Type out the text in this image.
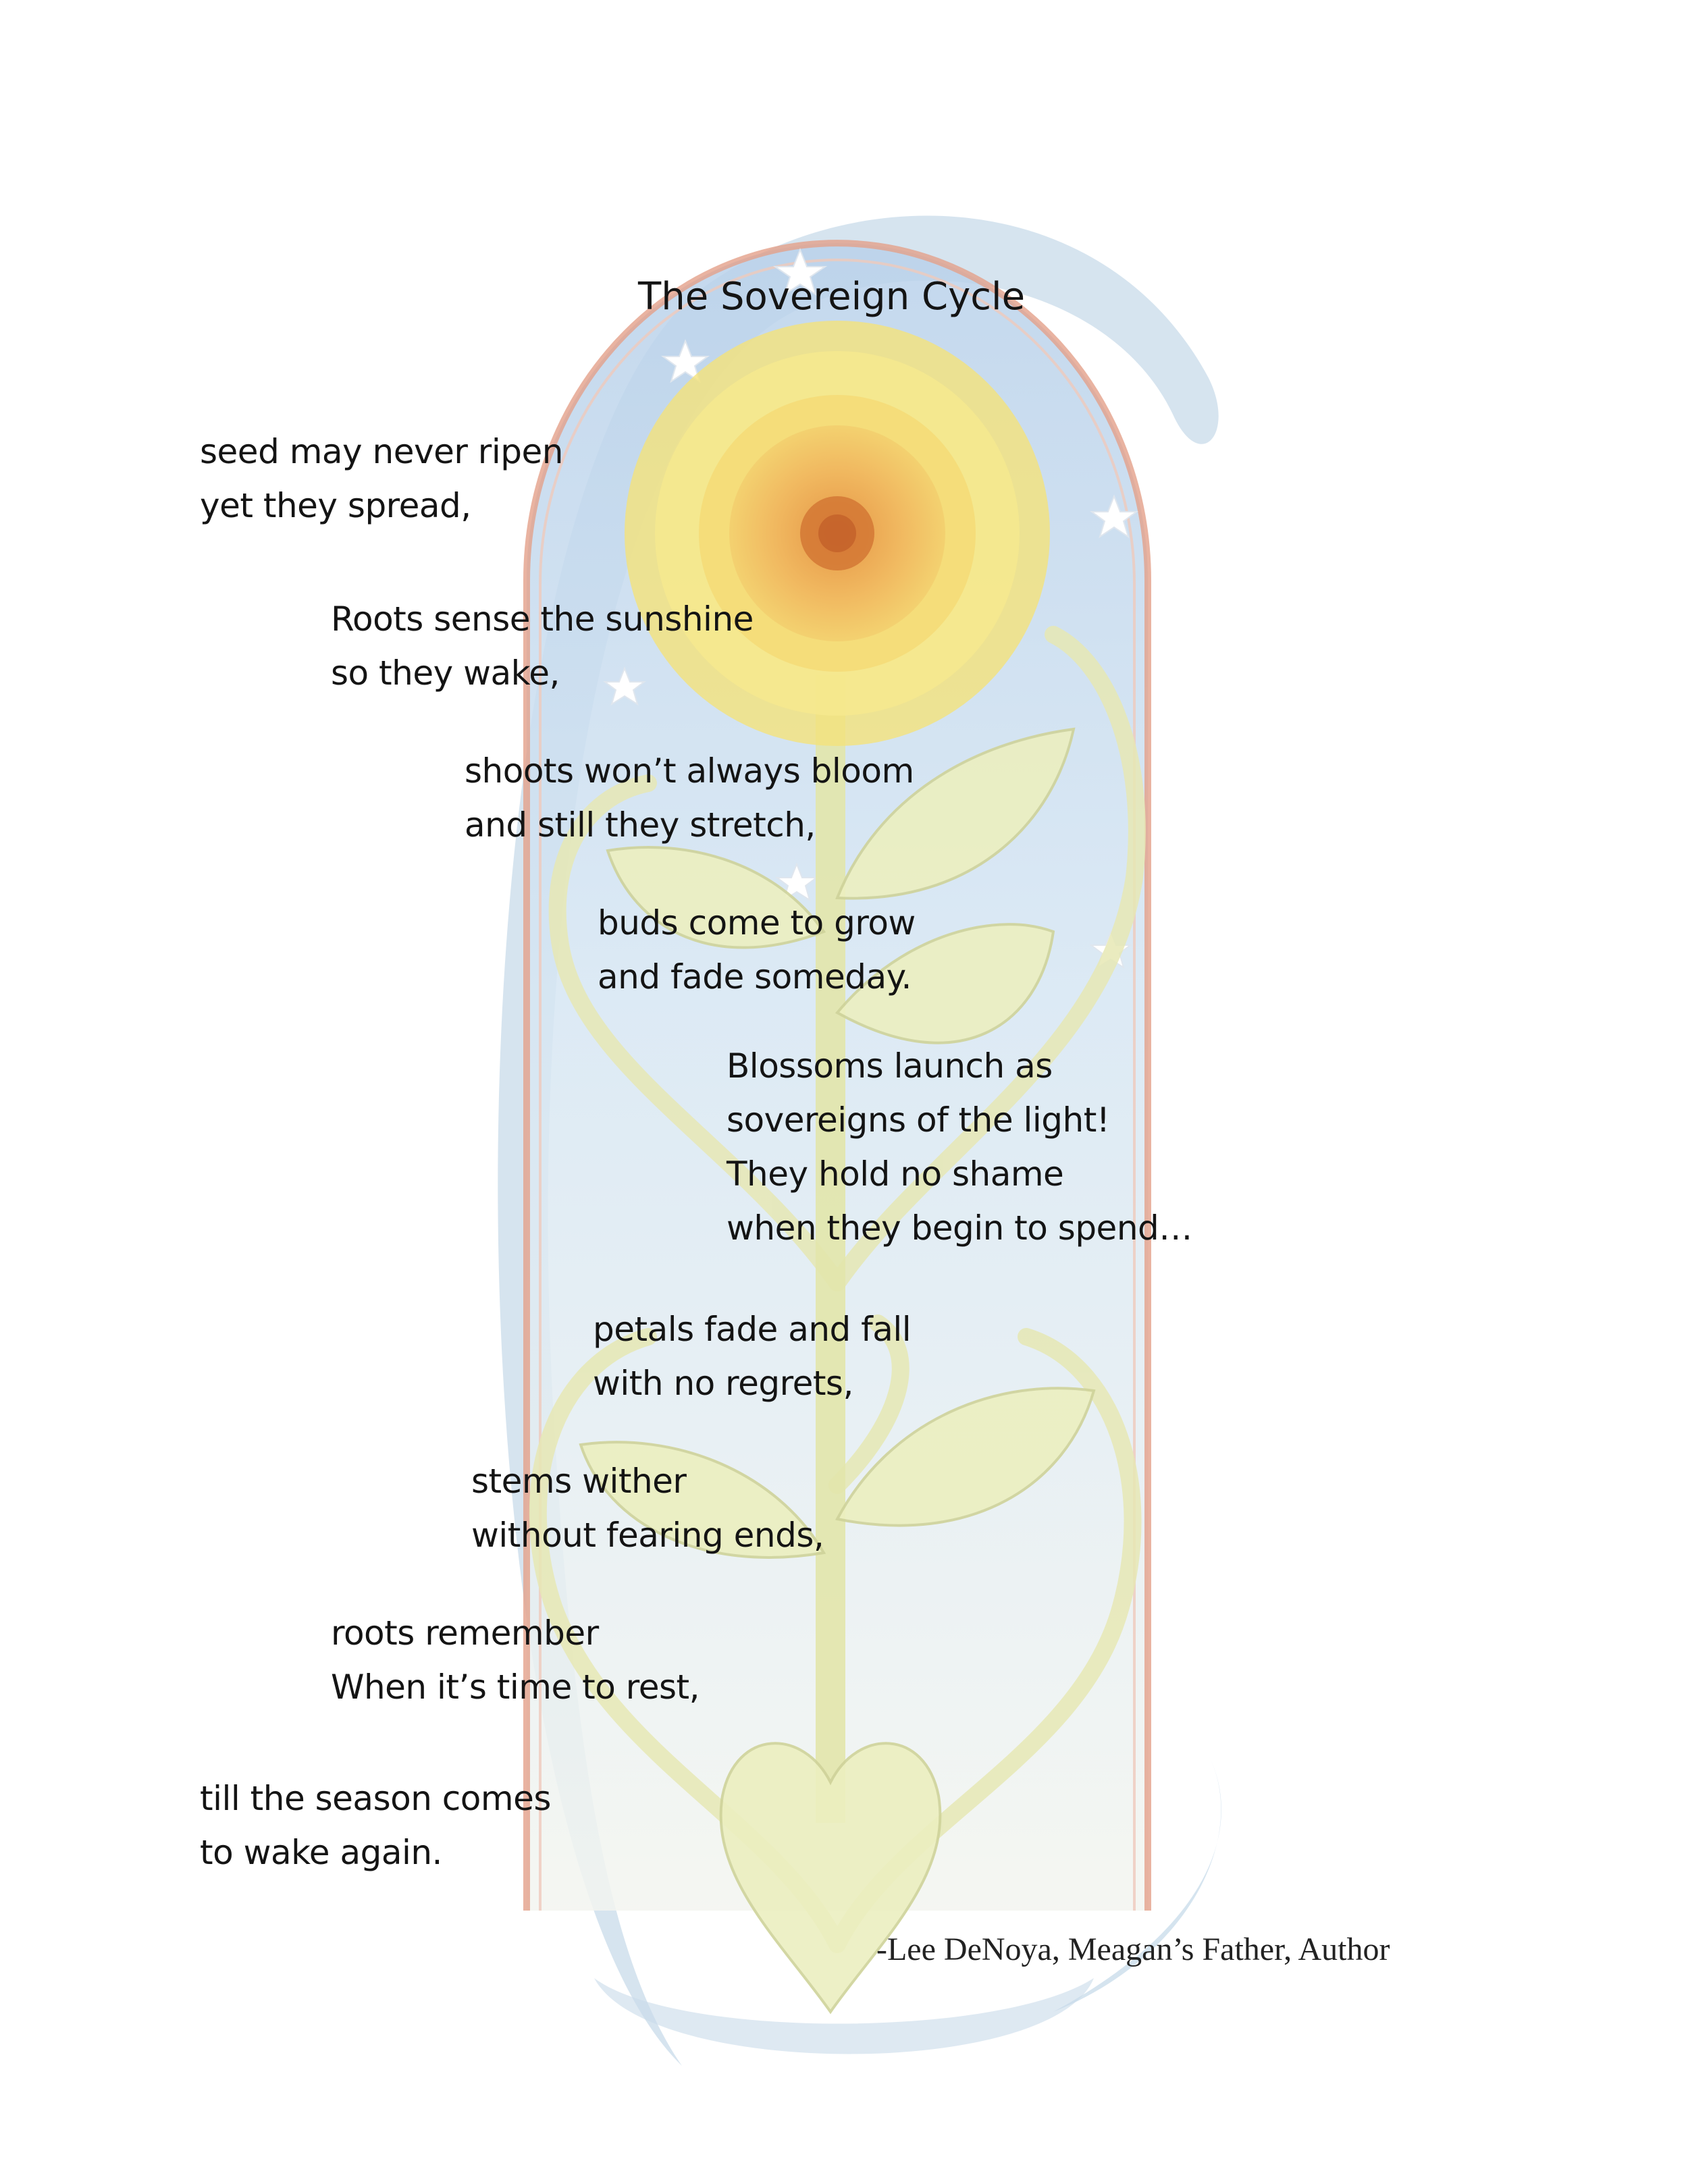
The Sovereign Cycle
seed may never ripen
yet they spread,
Roots sense the sunshine
so they wake,
shoots won’t always bloom
and still they stretch,
buds come to grow
and fade someday.
Blossoms launch as
sovereigns of the light!
They hold no shame
when they begin to spend…
petals fade and fall
with no regrets,
stems wither
without fearing ends,
roots remember
When it’s time to rest,
till the season comes
to wake again.
-Lee DeNoya, Meagan’s Father, Author
